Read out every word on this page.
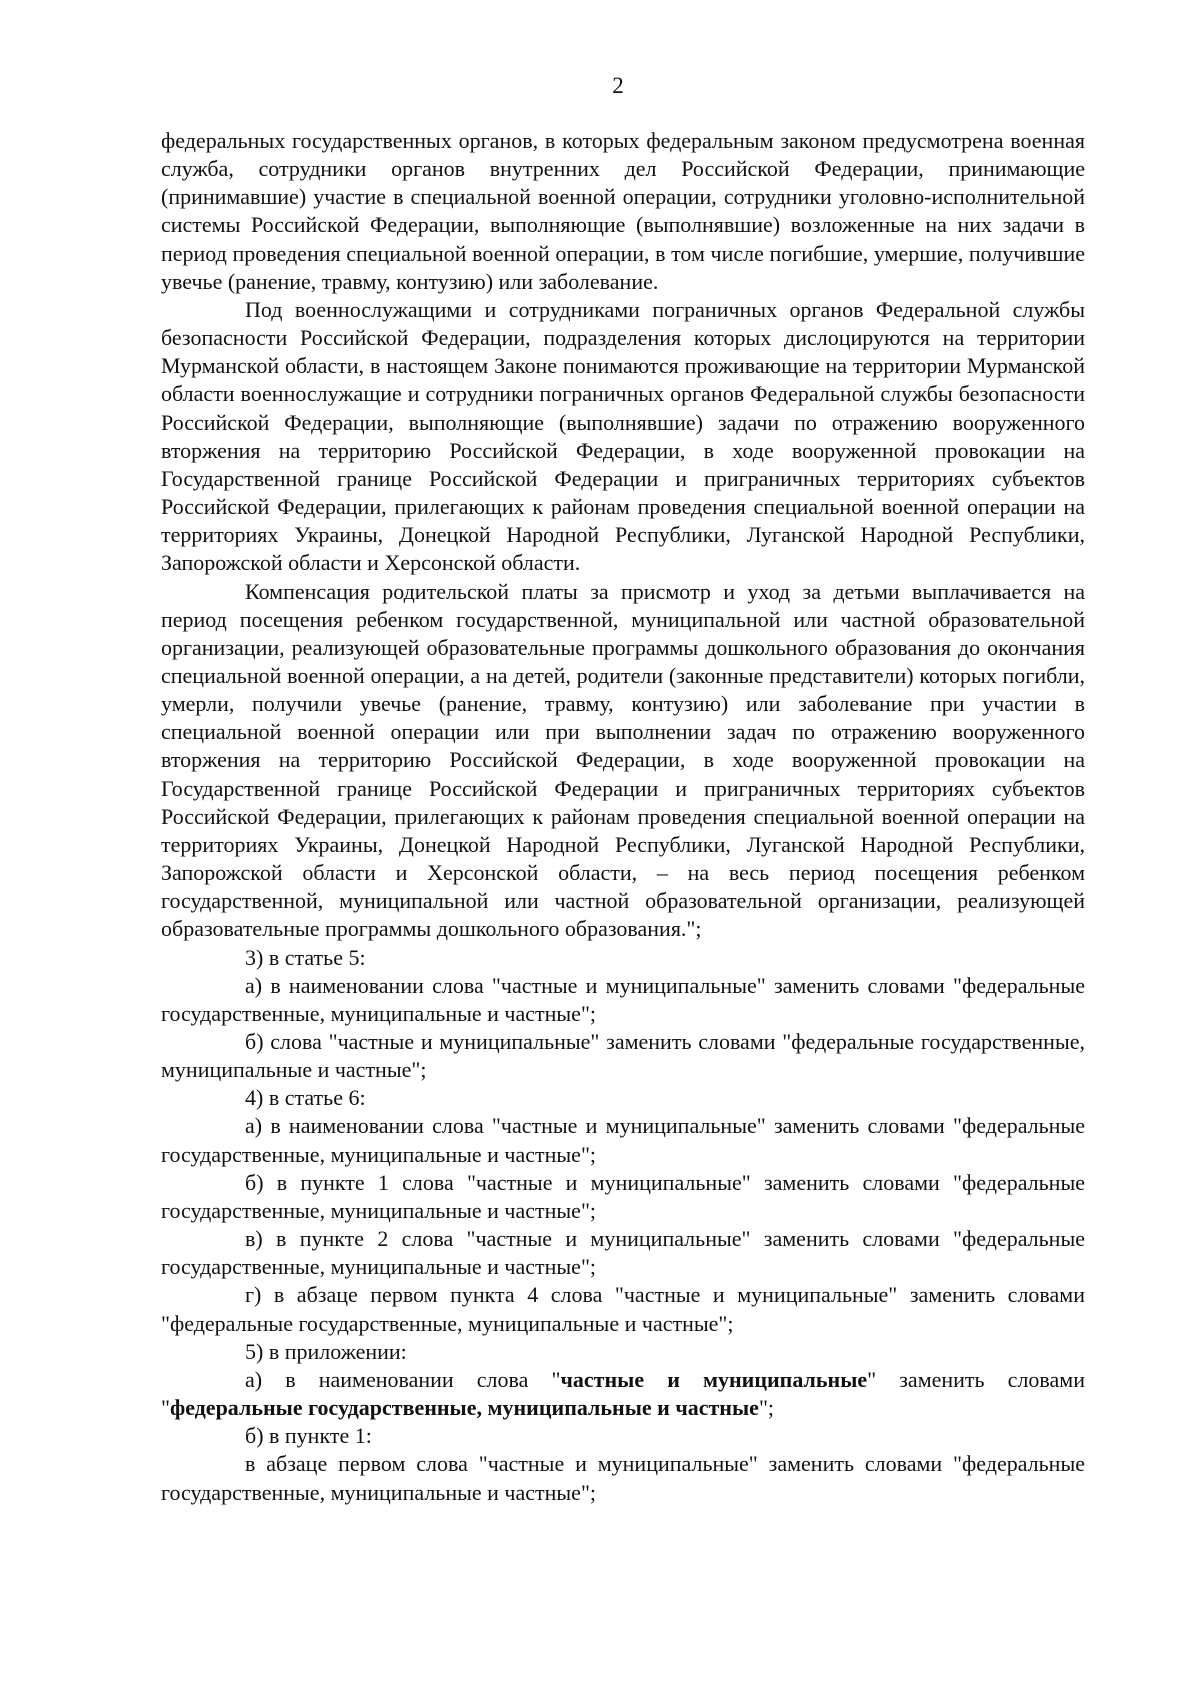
2

федеральных государственных органов, в которых федеральным законом предусмотрена военная служба, сотрудники органов внутренних дел Российской Федерации, принимающие (принимавшие) участие в специальной военной операции, сотрудники уголовно-исполнительной системы Российской Федерации, выполняющие (выполнявшие) возложенные на них задачи в период проведения специальной военной операции, в том числе погибшие, умершие, получившие увечье (ранение, травму, контузию) или заболевание.

Под военнослужащими и сотрудниками пограничных органов Федеральной службы безопасности Российской Федерации, подразделения которых дислоцируются на территории Мурманской области, в настоящем Законе понимаются проживающие на территории Мурманской области военнослужащие и сотрудники пограничных органов Федеральной службы безопасности Российской Федерации, выполняющие (выполнявшие) задачи по отражению вооруженного вторжения на территорию Российской Федерации, в ходе вооруженной провокации на Государственной границе Российской Федерации и приграничных территориях субъектов Российской Федерации, прилегающих к районам проведения специальной военной операции на территориях Украины, Донецкой Народной Республики, Луганской Народной Республики, Запорожской области и Херсонской области.

Компенсация родительской платы за присмотр и уход за детьми выплачивается на период посещения ребенком государственной, муниципальной или частной образовательной организации, реализующей образовательные программы дошкольного образования до окончания специальной военной операции, а на детей, родители (законные представители) которых погибли, умерли, получили увечье (ранение, травму, контузию) или заболевание при участии в специальной военной операции или при выполнении задач по отражению вооруженного вторжения на территорию Российской Федерации, в ходе вооруженной провокации на Государственной границе Российской Федерации и приграничных территориях субъектов Российской Федерации, прилегающих к районам проведения специальной военной операции на территориях Украины, Донецкой Народной Республики, Луганской Народной Республики, Запорожской области и Херсонской области, – на весь период посещения ребенком государственной, муниципальной или частной образовательной организации, реализующей образовательные программы дошкольного образования.";

3) в статье 5:

а) в наименовании слова "частные и муниципальные" заменить словами "федеральные государственные, муниципальные и частные";

б) слова "частные и муниципальные" заменить словами "федеральные государственные, муниципальные и частные";

4) в статье 6:

а) в наименовании слова "частные и муниципальные" заменить словами "федеральные государственные, муниципальные и частные";

б) в пункте 1 слова "частные и муниципальные" заменить словами "федеральные государственные, муниципальные и частные";

в) в пункте 2 слова "частные и муниципальные" заменить словами "федеральные государственные, муниципальные и частные";

г) в абзаце первом пункта 4 слова "частные и муниципальные" заменить словами "федеральные государственные, муниципальные и частные";

5) в приложении:

а) в наименовании слова "частные и муниципальные" заменить словами "федеральные государственные, муниципальные и частные";

б) в пункте 1:

в абзаце первом слова "частные и муниципальные" заменить словами "федеральные государственные, муниципальные и частные";
